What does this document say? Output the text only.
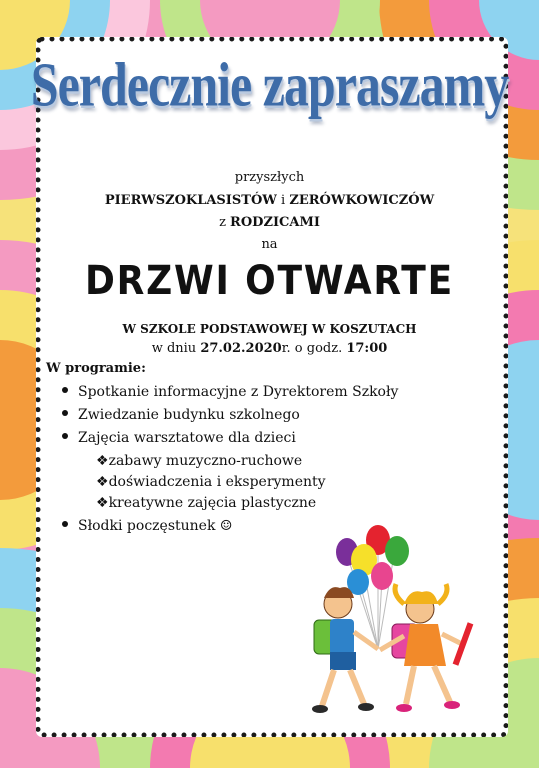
Serdecznie zapraszamy
przyszłych
PIERWSZOKLASISTÓW i ZERÓWKOWICZÓW
z RODZICAMI
na
DRZWI OTWARTE
W SZKOLE PODSTAWOWEJ W KOSZUTACH
w dniu 27.02.2020r. o godz. 17:00
W programie:
Spotkanie informacyjne z Dyrektorem Szkoły
Zwiedzanie budynku szkolnego
Zajęcia warsztatowe dla dzieci
❖zabawy muzyczno-ruchowe
❖doświadczenia i eksperymenty
❖kreatywne zajęcia plastyczne
Słodki poczęstunek ☺
